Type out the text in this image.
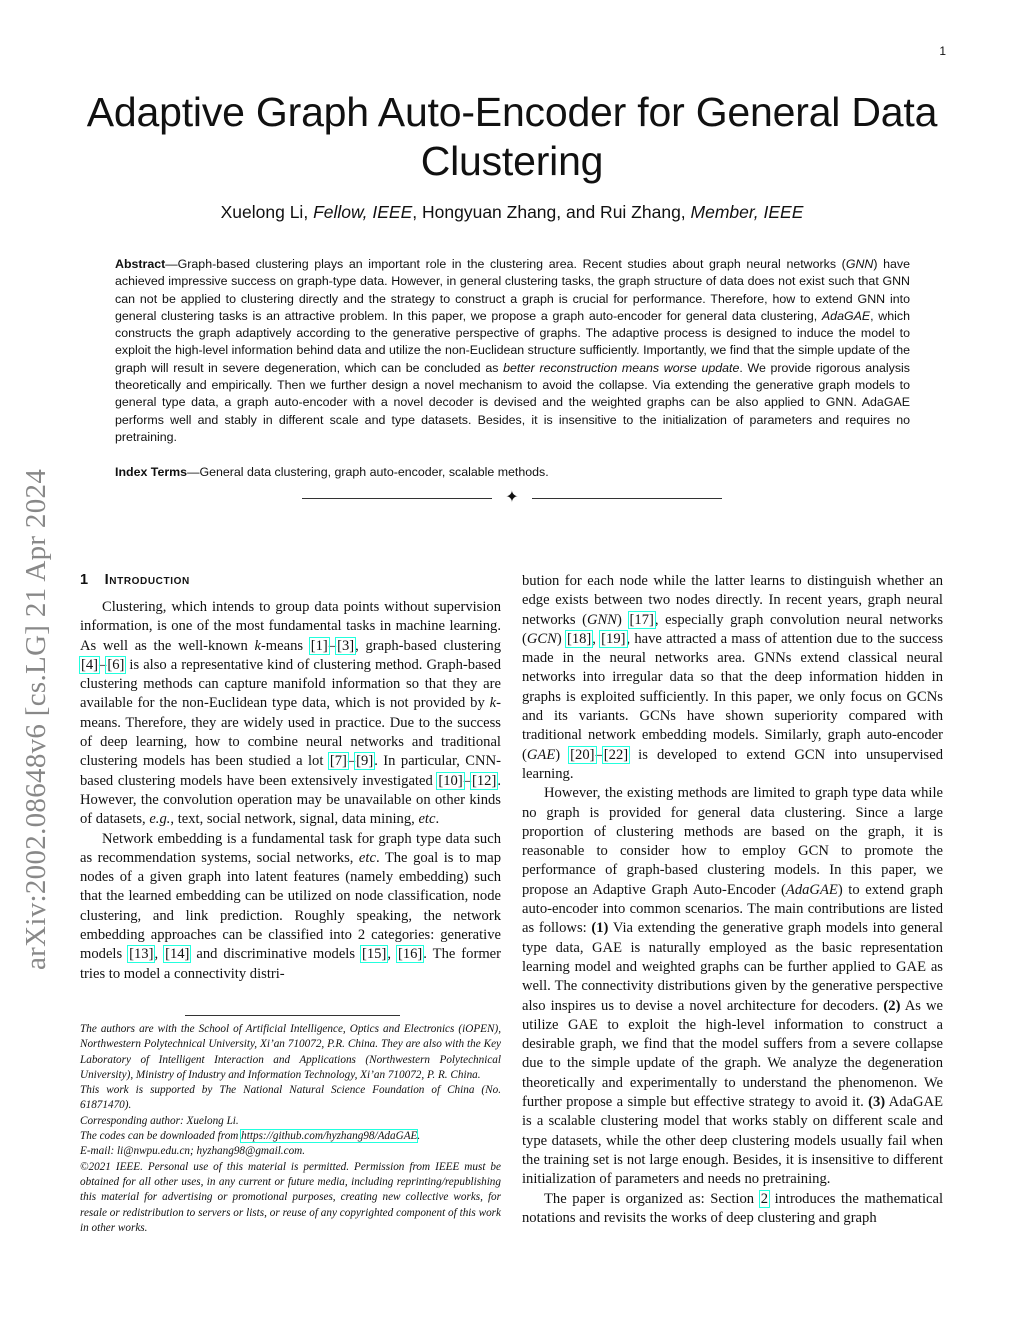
1
Adaptive Graph Auto-Encoder for General Data Clustering
Xuelong Li, Fellow, IEEE, Hongyuan Zhang, and Rui Zhang, Member, IEEE

Abstract—Graph-based clustering plays an important role in the clustering area. Recent studies about graph neural networks (GNN) have achieved impressive success on graph-type data. However, in general clustering tasks, the graph structure of data does not exist such that GNN can not be applied to clustering directly and the strategy to construct a graph is crucial for performance. Therefore, how to extend GNN into general clustering tasks is an attractive problem. In this paper, we propose a graph auto-encoder for general data clustering, AdaGAE, which constructs the graph adaptively according to the generative perspective of graphs. The adaptive process is designed to induce the model to exploit the high-level information behind data and utilize the non-Euclidean structure sufficiently. Importantly, we find that the simple update of the graph will result in severe degeneration, which can be concluded as better reconstruction means worse update. We provide rigorous analysis theoretically and empirically. Then we further design a novel mechanism to avoid the collapse. Via extending the generative graph models to general type data, a graph auto-encoder with a novel decoder is devised and the weighted graphs can be also applied to GNN. AdaGAE performs well and stably in different scale and type datasets. Besides, it is insensitive to the initialization of parameters and requires no pretraining.

Index Terms—General data clustering, graph auto-encoder, scalable methods.

✦
arXiv:2002.08648v6 [cs.LG] 21 Apr 2024 1 Introduction

Clustering, which intends to group data points without supervision information, is one of the most fundamental tasks in machine learning. As well as the well-known k-means [1]–[3], graph-based clustering [4]–[6] is also a representative kind of clustering method. Graph-based clustering methods can capture manifold information so that they are available for the non-Euclidean type data, which is not provided by k-means. Therefore, they are widely used in practice. Due to the success of deep learning, how to combine neural networks and traditional clustering models has been studied a lot [7]–[9]. In particular, CNN-based clustering models have been extensively investigated [10]–[12]. However, the convolution operation may be unavailable on other kinds of datasets, e.g., text, social network, signal, data mining, etc.

Network embedding is a fundamental task for graph type data such as recommendation systems, social networks, etc. The goal is to map nodes of a given graph into latent features (namely embedding) such that the learned embedding can be utilized on node classification, node clustering, and link prediction. Roughly speaking, the network embedding approaches can be classified into 2 categories: generative models [13], [14] and discriminative models [15], [16]. The former tries to model a connectivity distri-

The authors are with the School of Artificial Intelligence, Optics and Electronics (iOPEN), Northwestern Polytechnical University, Xi’an 710072, P.R. China. They are also with the Key Laboratory of Intelligent Interaction and Applications (Northwestern Polytechnical University), Ministry of Industry and Information Technology, Xi’an 710072, P. R. China.

This work is supported by The National Natural Science Foundation of China (No. 61871470).

Corresponding author: Xuelong Li.

The codes can be downloaded from https://github.com/hyzhang98/AdaGAE.

E-mail: li@nwpu.edu.cn; hyzhang98@gmail.com.

©2021 IEEE. Personal use of this material is permitted. Permission from IEEE must be obtained for all other uses, in any current or future media, including reprinting/republishing this material for advertising or promotional purposes, creating new collective works, for resale or redistribution to servers or lists, or reuse of any copyrighted component of this work in other works.

bution for each node while the latter learns to distinguish whether an edge exists between two nodes directly. In recent years, graph neural networks (GNN) [17], especially graph convolution neural networks (GCN) [18], [19], have attracted a mass of attention due to the success made in the neural networks area. GNNs extend classical neural networks into irregular data so that the deep information hidden in graphs is exploited sufficiently. In this paper, we only focus on GCNs and its variants. GCNs have shown superiority compared with traditional network embedding models. Similarly, graph auto-encoder (GAE) [20]–[22] is developed to extend GCN into unsupervised learning.

However, the existing methods are limited to graph type data while no graph is provided for general data clustering. Since a large proportion of clustering methods are based on the graph, it is reasonable to consider how to employ GCN to promote the performance of graph-based clustering models. In this paper, we propose an Adaptive Graph Auto-Encoder (AdaGAE) to extend graph auto-encoder into common scenarios. The main contributions are listed as follows: (1) Via extending the generative graph models into general type data, GAE is naturally employed as the basic representation learning model and weighted graphs can be further applied to GAE as well. The connectivity distributions given by the generative perspective also inspires us to devise a novel architecture for decoders. (2) As we utilize GAE to exploit the high-level information to construct a desirable graph, we find that the model suffers from a severe collapse due to the simple update of the graph. We analyze the degeneration theoretically and experimentally to understand the phenomenon. We further propose a simple but effective strategy to avoid it. (3) AdaGAE is a scalable clustering model that works stably on different scale and type datasets, while the other deep clustering models usually fail when the training set is not large enough. Besides, it is insensitive to different initialization of parameters and needs no pretraining.

The paper is organized as: Section 2 introduces the mathematical notations and revisits the works of deep clustering and graph
